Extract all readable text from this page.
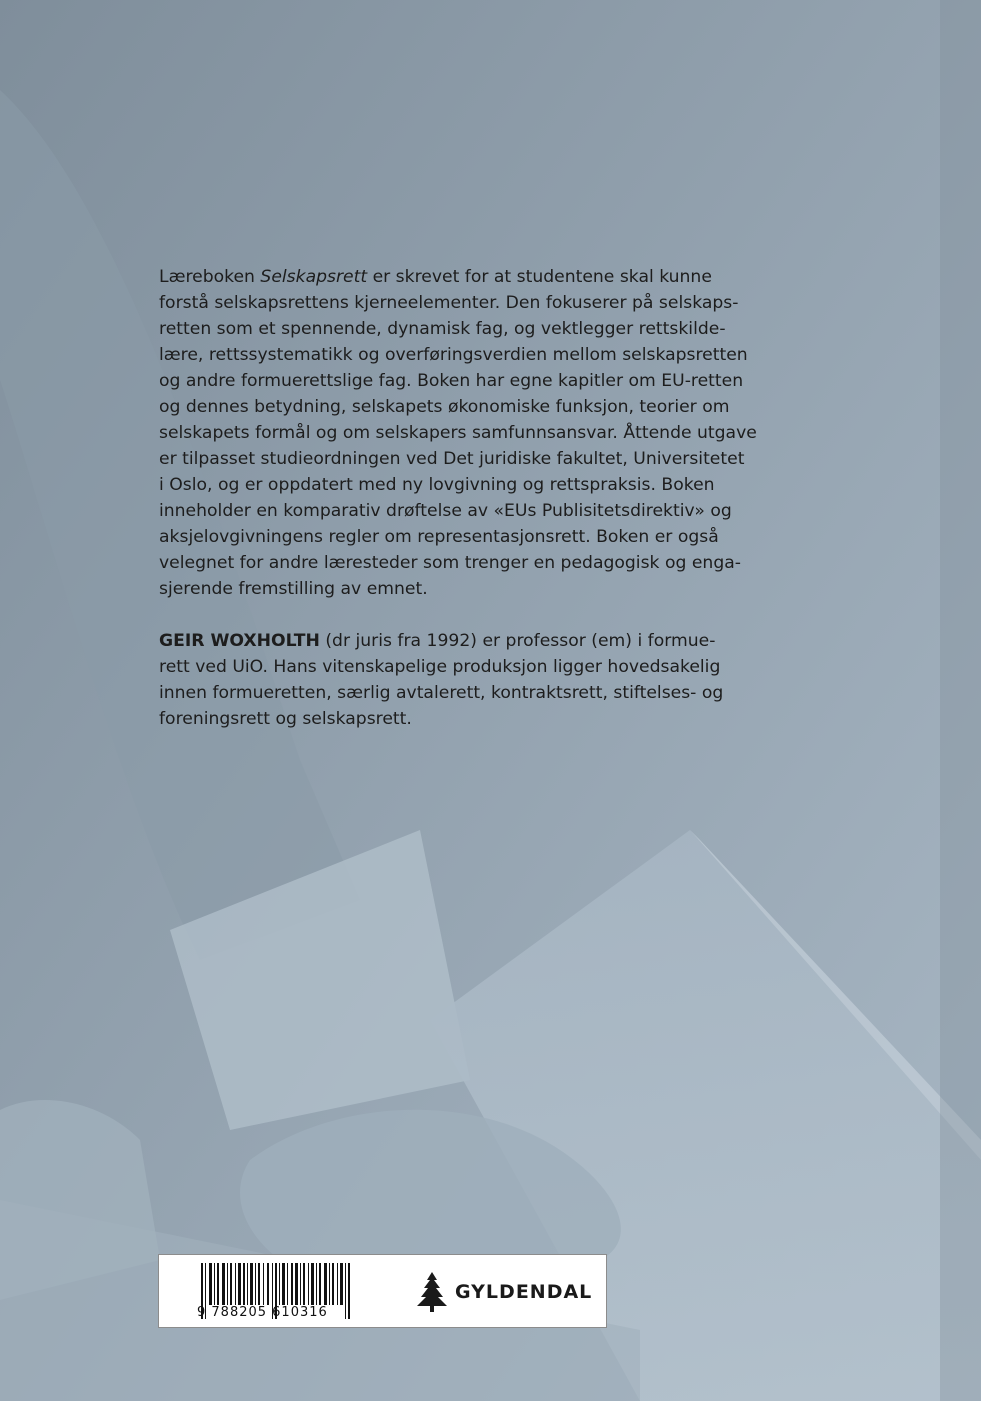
Læreboken Selskapsrett er skrevet for at studentene skal kunne
forstå selskapsrettens kjerneelementer. Den fokuserer på selskaps-
retten som et spennende, dynamisk fag, og vektlegger rettskilde-
lære, rettssystematikk og overføringsverdien mellom selskapsretten
og andre formuerettslige fag. Boken har egne kapitler om EU-retten
og dennes betydning, selskapets økonomiske funksjon, teorier om
selskapets formål og om selskapers samfunnsansvar. Åttende utgave
er tilpasset studieordningen ved Det juridiske fakultet, Universitetet
i Oslo, og er oppdatert med ny lovgivning og rettspraksis. Boken
inneholder en komparativ drøftelse av «EUs Publisitetsdirektiv» og
aksjelovgivningens regler om representasjonsrett. Boken er også
velegnet for andre læresteder som trenger en pedagogisk og enga-
sjerende fremstilling av emnet.
GEIR WOXHOLTH (dr juris fra 1992) er professor (em) i formue-
rett ved UiO. Hans vitenskapelige produksjon ligger hovedsakelig
innen formueretten, særlig avtalerett, kontraktsrett, stiftelses- og
foreningsrett og selskapsrett.
9 788205 610316
GYLDENDAL
